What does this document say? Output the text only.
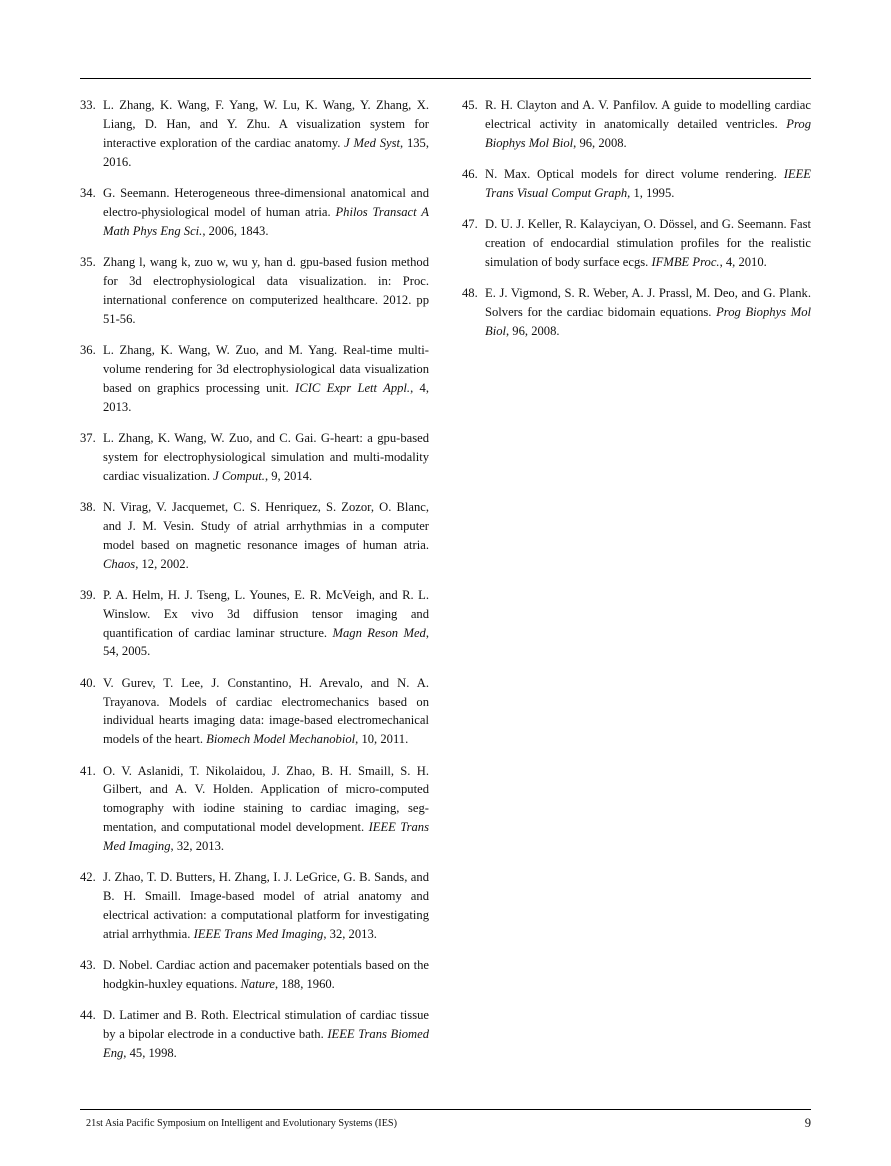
33. L. Zhang, K. Wang, F. Yang, W. Lu, K. Wang, Y. Zhang, X. Liang, D. Han, and Y. Zhu. A visualization system for interactive exploration of the cardiac anatomy. J Med Syst, 135, 2016.
34. G. Seemann. Heterogeneous three-dimensional anatomical and electro-physiological model of human atria. Philos Transact A Math Phys Eng Sci., 2006, 1843.
35. Zhang l, wang k, zuo w, wu y, han d. gpu-based fusion method for 3d electrophysiological data visualization. in: Proc. international conference on computerized healthcare. 2012. pp 51-56.
36. L. Zhang, K. Wang, W. Zuo, and M. Yang. Real-time multivolume rendering for 3d electrophysiological data visualization based on graphics processing unit. ICIC Expr Lett Appl., 4, 2013.
37. L. Zhang, K. Wang, W. Zuo, and C. Gai. G-heart: a gpu-based system for electrophysiological simulation and multi-modality cardiac visualization. J Comput., 9, 2014.
38. N. Virag, V. Jacquemet, C. S. Henriquez, S. Zozor, O. Blanc, and J. M. Vesin. Study of atrial arrhythmias in a computer model based on magnetic resonance images of human atria. Chaos, 12, 2002.
39. P. A. Helm, H. J. Tseng, L. Younes, E. R. McVeigh, and R. L. Winslow. Ex vivo 3d diffusion tensor imaging and quantification of cardiac laminar structure. Magn Reson Med, 54, 2005.
40. V. Gurev, T. Lee, J. Constantino, H. Arevalo, and N. A. Trayanova. Models of cardiac electromechanics based on individual hearts imaging data: image-based electromechanical models of the heart. Biomech Model Mechanobiol, 10, 2011.
41. O. V. Aslanidi, T. Nikolaidou, J. Zhao, B. H. Smaill, S. H. Gilbert, and A. V. Holden. Application of micro-computed tomography with iodine staining to cardiac imaging, segmentation, and computational model development. IEEE Trans Med Imaging, 32, 2013.
42. J. Zhao, T. D. Butters, H. Zhang, I. J. LeGrice, G. B. Sands, and B. H. Smaill. Image-based model of atrial anatomy and electrical activation: a computational platform for investigating atrial arrhythmia. IEEE Trans Med Imaging, 32, 2013.
43. D. Nobel. Cardiac action and pacemaker potentials based on the hodgkin-huxley equations. Nature, 188, 1960.
44. D. Latimer and B. Roth. Electrical stimulation of cardiac tissue by a bipolar electrode in a conductive bath. IEEE Trans Biomed Eng, 45, 1998.
45. R. H. Clayton and A. V. Panfilov. A guide to modelling cardiac electrical activity in anatomically detailed ventricles. Prog Biophys Mol Biol, 96, 2008.
46. N. Max. Optical models for direct volume rendering. IEEE Trans Visual Comput Graph, 1, 1995.
47. D. U. J. Keller, R. Kalayciyan, O. Dössel, and G. Seemann. Fast creation of endocardial stimulation profiles for the realistic simulation of body surface ecgs. IFMBE Proc., 4, 2010.
48. E. J. Vigmond, S. R. Weber, A. J. Prassl, M. Deo, and G. Plank. Solvers for the cardiac bidomain equations. Prog Biophys Mol Biol, 96, 2008.
21st Asia Pacific Symposium on Intelligent and Evolutionary Systems (IES)	9
